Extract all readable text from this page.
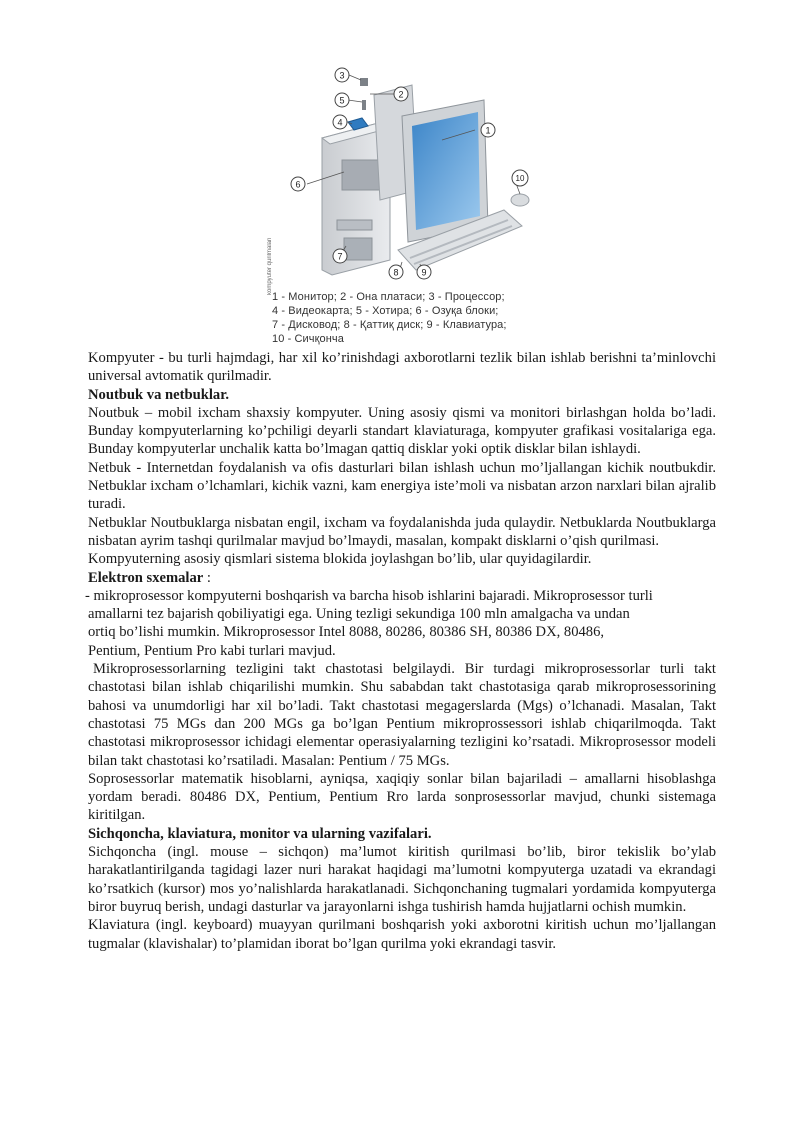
3
2
5
4
1
6
10
7
8	9
kompyuter qurilmalari
1 - Монитор; 2 - Она платаси; 3 - Процессор;
4 - Видеокарта; 5 - Хотира; 6 - Озуқа блоки;
7 - Дисковод; 8 - Қаттиқ диск; 9 - Клавиатура;
10 - Сичқонча

Kompyuter - bu turli hajmdagi, har xil ko’rinishdagi axborotlarni tezlik bilan ishlab berishni ta’minlovchi universal avtomatik qurilmadir.

Noutbuk va netbuklar.

Noutbuk – mobil ixcham shaxsiy kompyuter. Uning asosiy qismi va monitori birlashgan holda bo’ladi. Bunday kompyuterlarning ko’pchiligi deyarli standart klaviaturaga, kompyuter grafikasi vositalariga ega. Bunday kompyuterlar unchalik katta bo’lmagan qattiq disklar yoki optik disklar bilan ishlaydi.

Netbuk - Internetdan foydalanish va ofis dasturlari bilan ishlash uchun mo’ljallangan kichik noutbukdir. Netbuklar ixcham o’lchamlari, kichik vazni, kam energiya iste’moli va nisbatan arzon narxlari bilan ajralib turadi.

Netbuklar Noutbuklarga nisbatan engil, ixcham va foydalanishda juda qulaydir. Netbuklarda Noutbuklarga nisbatan ayrim tashqi qurilmalar mavjud bo’lmaydi, masalan, kompakt disklarni o’qish qurilmasi.

Kompyuterning asosiy qismlari sistema blokida joylashgan bo’lib, ular quyidagilardir.

Elektron sxemalar :

- mikroprosessor kompyuterni boshqarish va barcha hisob ishlarini bajaradi. Mikroprosessor turli

amallarni tez bajarish qobiliyatigi ega. Uning tezligi sekundiga 100 mln amalgacha va undan

ortiq bo’lishi mumkin. Mikroprosessor Intel 8088, 80286, 80386 SH, 80386 DX, 80486,

Pentium, Pentium Pro kabi turlari mavjud.

Mikroprosessorlarning tezligini takt chastotasi belgilaydi. Bir turdagi mikroprosessorlar turli takt chastotasi bilan ishlab chiqarilishi mumkin. Shu sababdan takt chastotasiga qarab mikroprosessorining bahosi va unumdorligi har xil bo’ladi. Takt chastotasi megagerslarda (Mgs) o’lchanadi. Masalan, Takt chastotasi 75 MGs dan 200 MGs ga bo’lgan Pentium mikroprossessori ishlab chiqarilmoqda. Takt chastotasi mikroprosessor ichidagi elementar operasiyalarning tezligini ko’rsatadi. Mikroprosessor modeli bilan takt chastotasi ko’rsatiladi. Masalan: Pentium / 75 MGs.

Soprosessorlar matematik hisoblarni, ayniqsa, xaqiqiy sonlar bilan bajariladi – amallarni hisoblashga yordam beradi. 80486 DX, Pentium, Pentium Rro larda sonprosessorlar mavjud, chunki sistemaga kiritilgan.

Sichqoncha, klaviatura, monitor va ularning vazifalari.

Sichqoncha (ingl. mouse – sichqon) ma’lumot kiritish qurilmasi bo’lib, biror tekislik bo’ylab harakatlantirilganda tagidagi lazer nuri harakat haqidagi ma’lumotni kompyuterga uzatadi va ekrandagi ko’rsatkich (kursor) mos yo’nalishlarda harakatlanadi. Sichqonchaning tugmalari yordamida kompyuterga biror buyruq berish, undagi dasturlar va jarayonlarni ishga tushirish hamda hujjatlarni ochish mumkin.

Klaviatura (ingl. keyboard) muayyan qurilmani boshqarish yoki axborotni kiritish uchun mo’ljallangan tugmalar (klavishalar) to’plamidan iborat bo’lgan qurilma yoki ekrandagi tasvir.
